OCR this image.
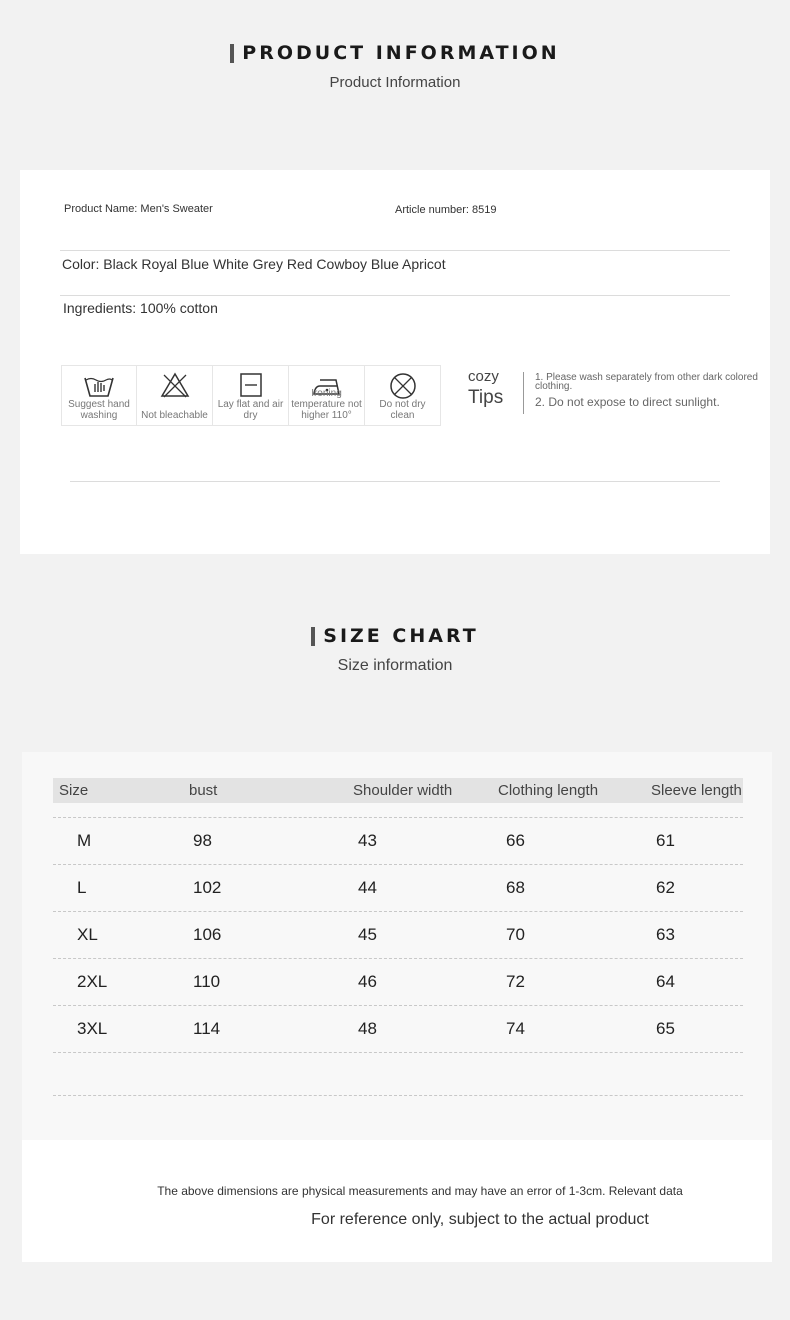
PRODUCT INFORMATION
Product Information
Product Name: Men's Sweater	Article number: 8519
Color: Black Royal Blue White Grey Red Cowboy Blue Apricot
Ingredients: 100% cotton
Suggest hand washing	Not bleachable
Lay flat and air dry
Ironing temperature not higher 110°
Do not dry clean
cozy
Tips
1. Please wash separately from other dark colored clothing.
2. Do not expose to direct sunlight.
SIZE CHART
Size information
Size	bust	Shoulder width	Clothing length	Sleeve length
M	98	43	66	61
L	102	44	68	62
XL	106	45	70	63
2XL	110	46	72	64
3XL	114	48	74	65
The above dimensions are physical measurements and may have an error of 1-3cm. Relevant data
For reference only, subject to the actual product
